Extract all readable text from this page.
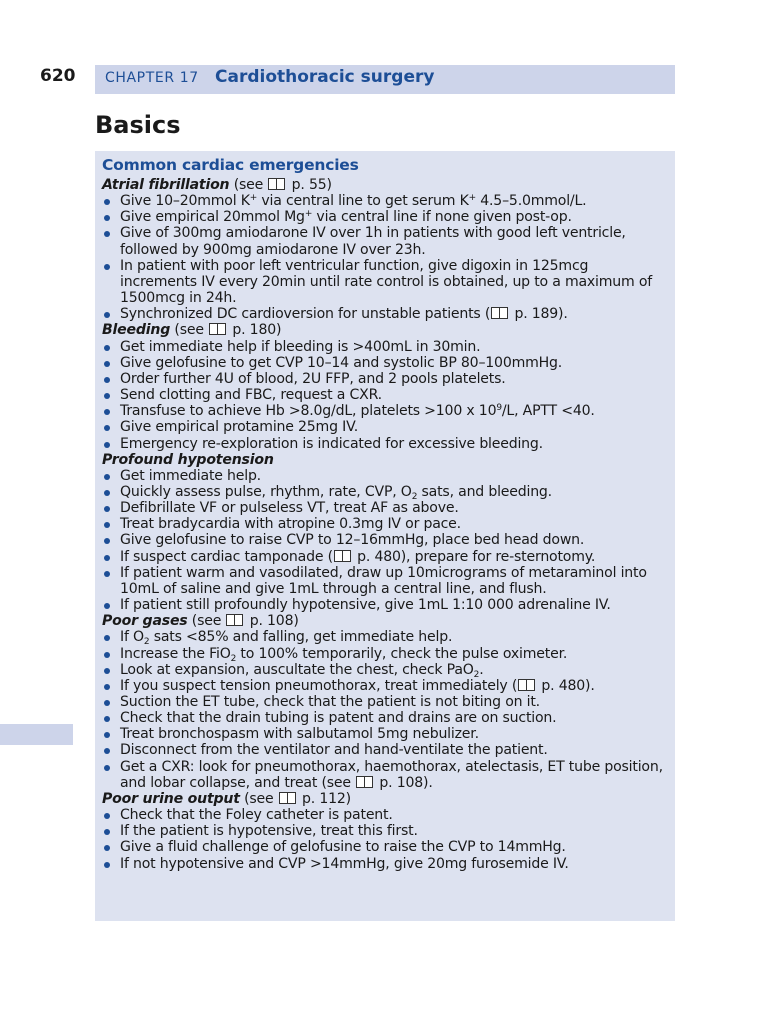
620 CHAPTER 17 Cardiothoracic surgery
Basics
Common cardiac emergencies
Atrial fibrillation (see p. 55)
Give 10–20mmol K+ via central line to get serum K+ 4.5–5.0mmol/L.
Give empirical 20mmol Mg+ via central line if none given post-op.
Give of 300mg amiodarone IV over 1h in patients with good left ventricle, followed by 900mg amiodarone IV over 23h.
In patient with poor left ventricular function, give digoxin in 125mcg increments IV every 20min until rate control is obtained, up to a maximum of 1500mcg in 24h.
Synchronized DC cardioversion for unstable patients ( p. 189).
Bleeding (see p. 180)
Get immediate help if bleeding is >400mL in 30min.
Give gelofusine to get CVP 10–14 and systolic BP 80–100mmHg.
Order further 4U of blood, 2U FFP, and 2 pools platelets.
Send clotting and FBC, request a CXR.
Transfuse to achieve Hb >8.0g/dL, platelets >100 x $10^9/L$, APTT <40.
Give empirical protamine 25mg IV.
Emergency re-exploration is indicated for excessive bleeding.
Profound hypotension
Get immediate help.
Quickly assess pulse, rhythm, rate, CVP, $O_2$ sats, and bleeding.
Defibrillate VF or pulseless VT, treat AF as above.
Treat bradycardia with atropine 0.3mg IV or pace.
Give gelofusine to raise CVP to 12–16mmHg, place bed head down.
If suspect cardiac tamponade ( p. 480), prepare for re-sternotomy.
If patient warm and vasodilated, draw up 10micrograms of metaraminol into 10mL of saline and give 1mL through a central line, and flush.
If patient still profoundly hypotensive, give 1mL 1:10 000 adrenaline IV.
Poor gases (see p. 108)
If $O_2$ sats <85% and falling, get immediate help.
Increase the FiO$_2$ to 100% temporarily, check the pulse oximeter.
Look at expansion, auscultate the chest, check PaO$_2$.
If you suspect tension pneumothorax, treat immediately ( p. 480).
Suction the ET tube, check that the patient is not biting on it.
Check that the drain tubing is patent and drains are on suction.
Treat bronchospasm with salbutamol 5mg nebulizer.
Disconnect from the ventilator and hand-ventilate the patient.
Get a CXR: look for pneumothorax, haemothorax, atelectasis, ET tube position, and lobar collapse, and treat (see  p. 108).
Poor urine output (see p. 112)
Check that the Foley catheter is patent.
If the patient is hypotensive, treat this first.
Give a fluid challenge of gelofusine to raise the CVP to 14mmHg.
If not hypotensive and CVP >14mmHg, give 20mg furosemide IV.
